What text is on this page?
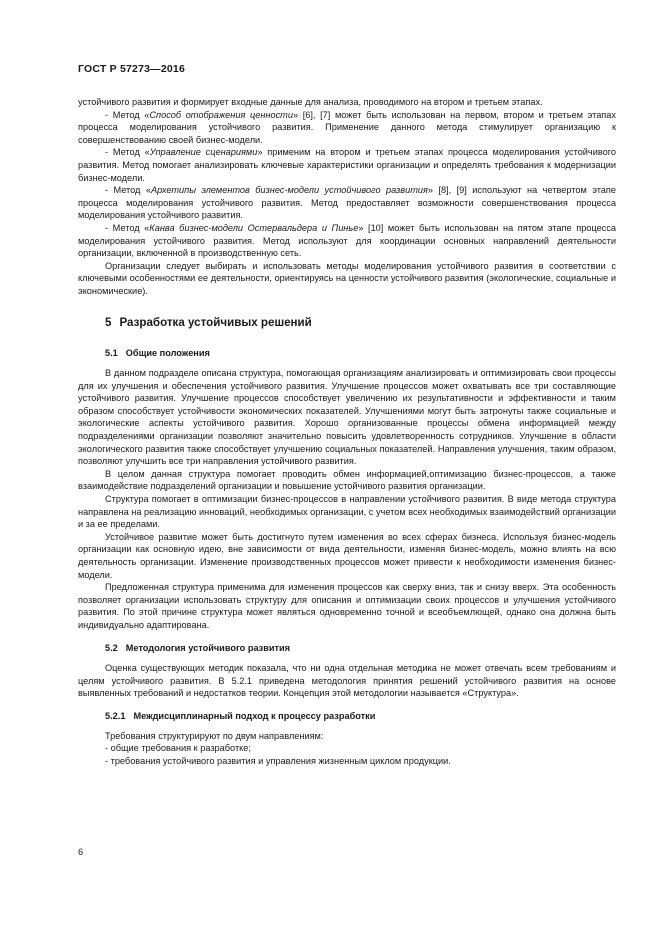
ГОСТ Р 57273—2016

устойчивого развития и формирует входные данные для анализа, проводимого на втором и третьем этапах.

- Метод «Способ отображения ценности» [6], [7] может быть использован на первом, втором и третьем этапах процесса моделирования устойчивого развития. Применение данного метода стимулирует организацию к совершенствованию своей бизнес-модели.

- Метод «Управление сценариями» применим на втором и третьем этапах процесса моделирования устойчивого развития. Метод помогает анализировать ключевые характеристики организации и определять требования к модернизации бизнес-модели.

- Метод «Архетипы элементов бизнес-модели устойчивого развития» [8], [9] используют на четвертом этапе процесса моделирования устойчивого развития. Метод предоставляет возможности совершенствования процесса моделирования устойчивого развития.

- Метод «Канва бизнес-модели Остервальдера и Пинье» [10] может быть использован на пятом этапе процесса моделирования устойчивого развития. Метод используют для координации основных направлений деятельности организации, включенной в производственную сеть.

Организации следует выбирать и использовать методы моделирования устойчивого развития в соответствии с ключевыми особенностями ее деятельности, ориентируясь на ценности устойчивого развития (экологические, социальные и экономические).

5 Разработка устойчивых решений
5.1 Общие положения

В данном подразделе описана структура, помогающая организациям анализировать и оптимизировать свои процессы для их улучшения и обеспечения устойчивого развития. Улучшение процессов может охватывать все три составляющие устойчивого развития. Улучшение процессов способствует увеличению их результативности и эффективности и таким образом способствует устойчивости экономических показателей. Улучшениями могут быть затронуты также социальные и экологические аспекты устойчивого развития. Хорошо организованные процессы обмена информацией между подразделениями организации позволяют значительно повысить удовлетворенность сотрудников. Улучшение в области экологического развития также способствует улучшению социальных показателей. Направления улучшения, таким образом, позволяют улучшить все три направления устойчивого развития.

В целом данная структура помогает проводить обмен информацией,оптимизацию бизнес-процессов, а также взаимодействие подразделений организации и повышение устойчивого развития организации.

Структура помогает в оптимизации бизнес-процессов в направлении устойчивого развития. В виде метода структура направлена на реализацию инноваций, необходимых организации, с учетом всех необходимых взаимодействий организации и за ее пределами.

Устойчивое развитие может быть достигнуто путем изменения во всех сферах бизнеса. Используя бизнес-модель организации как основную идею, вне зависимости от вида деятельности, изменяя бизнес-модель, можно влиять на всю деятельность организации. Изменение производственных процессов может привести к необходимости изменения бизнес-модели.

Предложенная структура применима для изменения процессов как сверху вниз, так и снизу вверх. Эта особенность позволяет организации использовать структуру для описания и оптимизации своих процессов и улучшения устойчивого развития. По этой причине структура может являться одновременно точной и всеобъемлющей, однако она должна быть индивидуально адаптирована.

5.2 Методология устойчивого развития

Оценка существующих методик показала, что ни одна отдельная методика не может отвечать всем требованиям и целям устойчивого развития. В 5.2.1 приведена методология принятия решений устойчивого развития на основе выявленных требований и недостатков теории. Концепция этой методологии называется «Структура».

5.2.1 Междисциплинарный подход к процессу разработки

Требования структурируют по двум направлениям:

- общие требования к разработке;

- требования устойчивого развития и управления жизненным циклом продукции.

6
